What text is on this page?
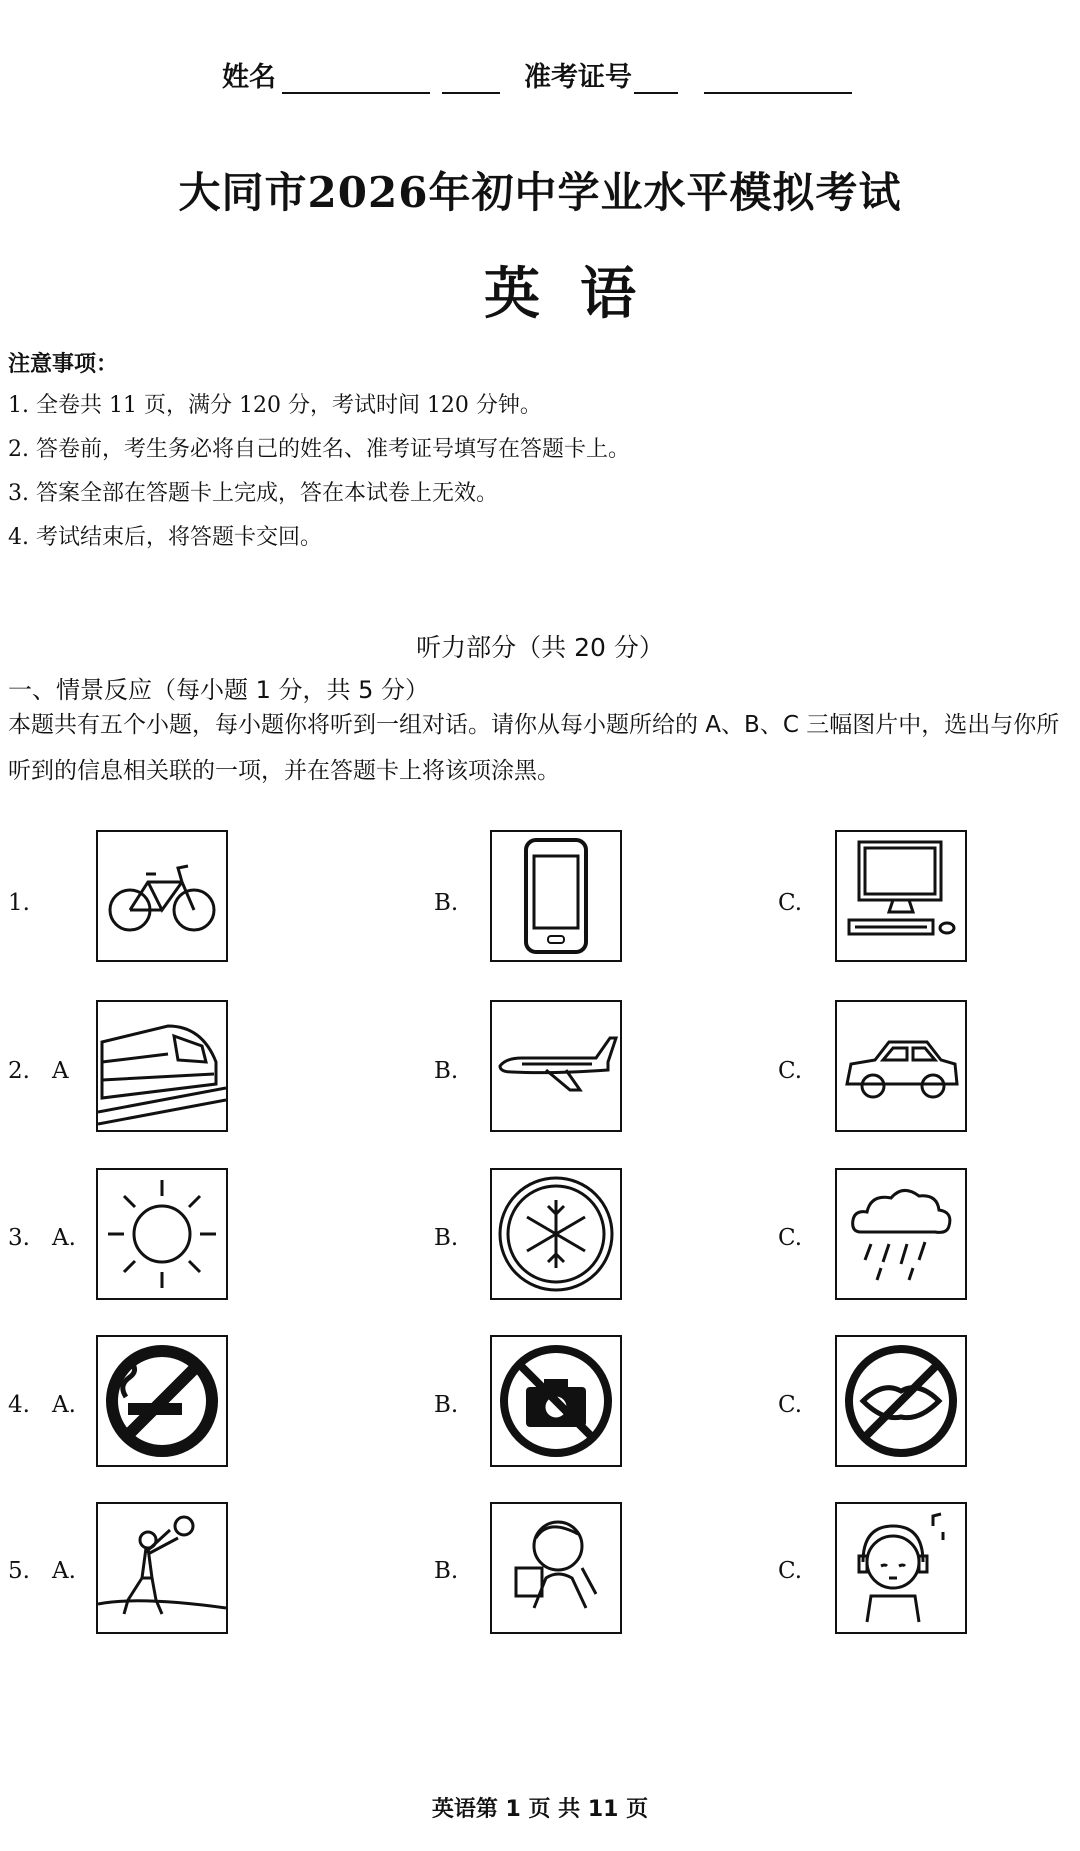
姓名	准考证号
大同市2026年初中学业水平模拟考试
英语
注意事项：
1. 全卷共 11 页，满分 120 分，考试时间 120 分钟。
2. 答卷前，考生务必将自己的姓名、准考证号填写在答题卡上。
3. 答案全部在答题卡上完成，答在本试卷上无效。
4. 考试结束后，将答题卡交回。
听力部分（共 20 分）
一、情景反应（每小题 1 分，共 5 分）
本题共有五个小题，每小题你将听到一组对话。请你从每小题所给的 A、B、C 三幅图片中，选出与你所听到的信息相关联的一项，并在答题卡上将该项涂黑。
1.	B.	C.
2. A	B.	C.
3. A.	B.	C.
4. A.	B.	C.
5. A.	B.	C.
英语第 1 页 共 11 页
